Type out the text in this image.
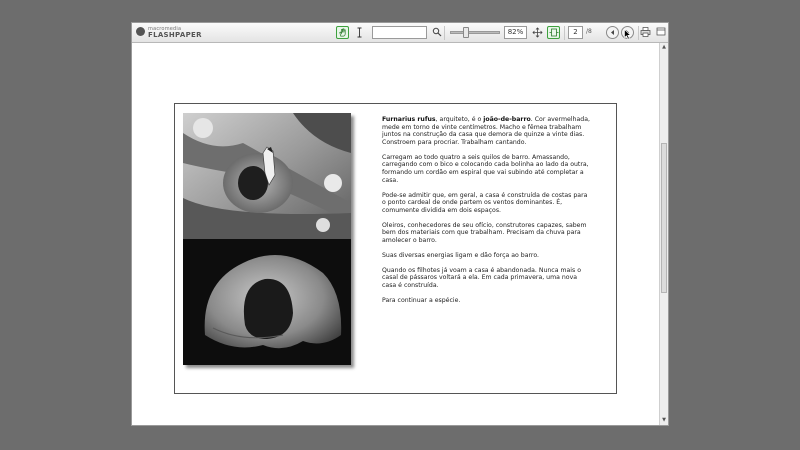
macromedia
FLASHPAPER	82%	2	/8

Furnarius rufus, arquiteto, é o joão-de-barro. Cor avermelhada, mede em torno de vinte centímetros. Macho e fêmea trabalham juntos na construção da casa que demora de quinze a vinte dias. Constroem para procriar. Trabalham cantando.

Carregam ao todo quatro a seis quilos de barro. Amassando, carregando com o bico e colocando cada bolinha ao lado da outra, formando um cordão em espiral que vai subindo até completar a casa.

Pode-se admitir que, em geral, a casa é construída de costas para o ponto cardeal de onde partem os ventos dominantes. É, comumente dividida em dois espaços.

Oleiros, conhecedores de seu ofício, construtores capazes, sabem bem dos materiais com que trabalham. Precisam da chuva para amolecer o barro.

Suas diversas energias ligam e dão força ao barro.

Quando os filhotes já voam a casa é abandonada. Nunca mais o casal de pássaros voltará a ela. Em cada primavera, uma nova casa é construída.

Para continuar a espécie.

▲
▼
